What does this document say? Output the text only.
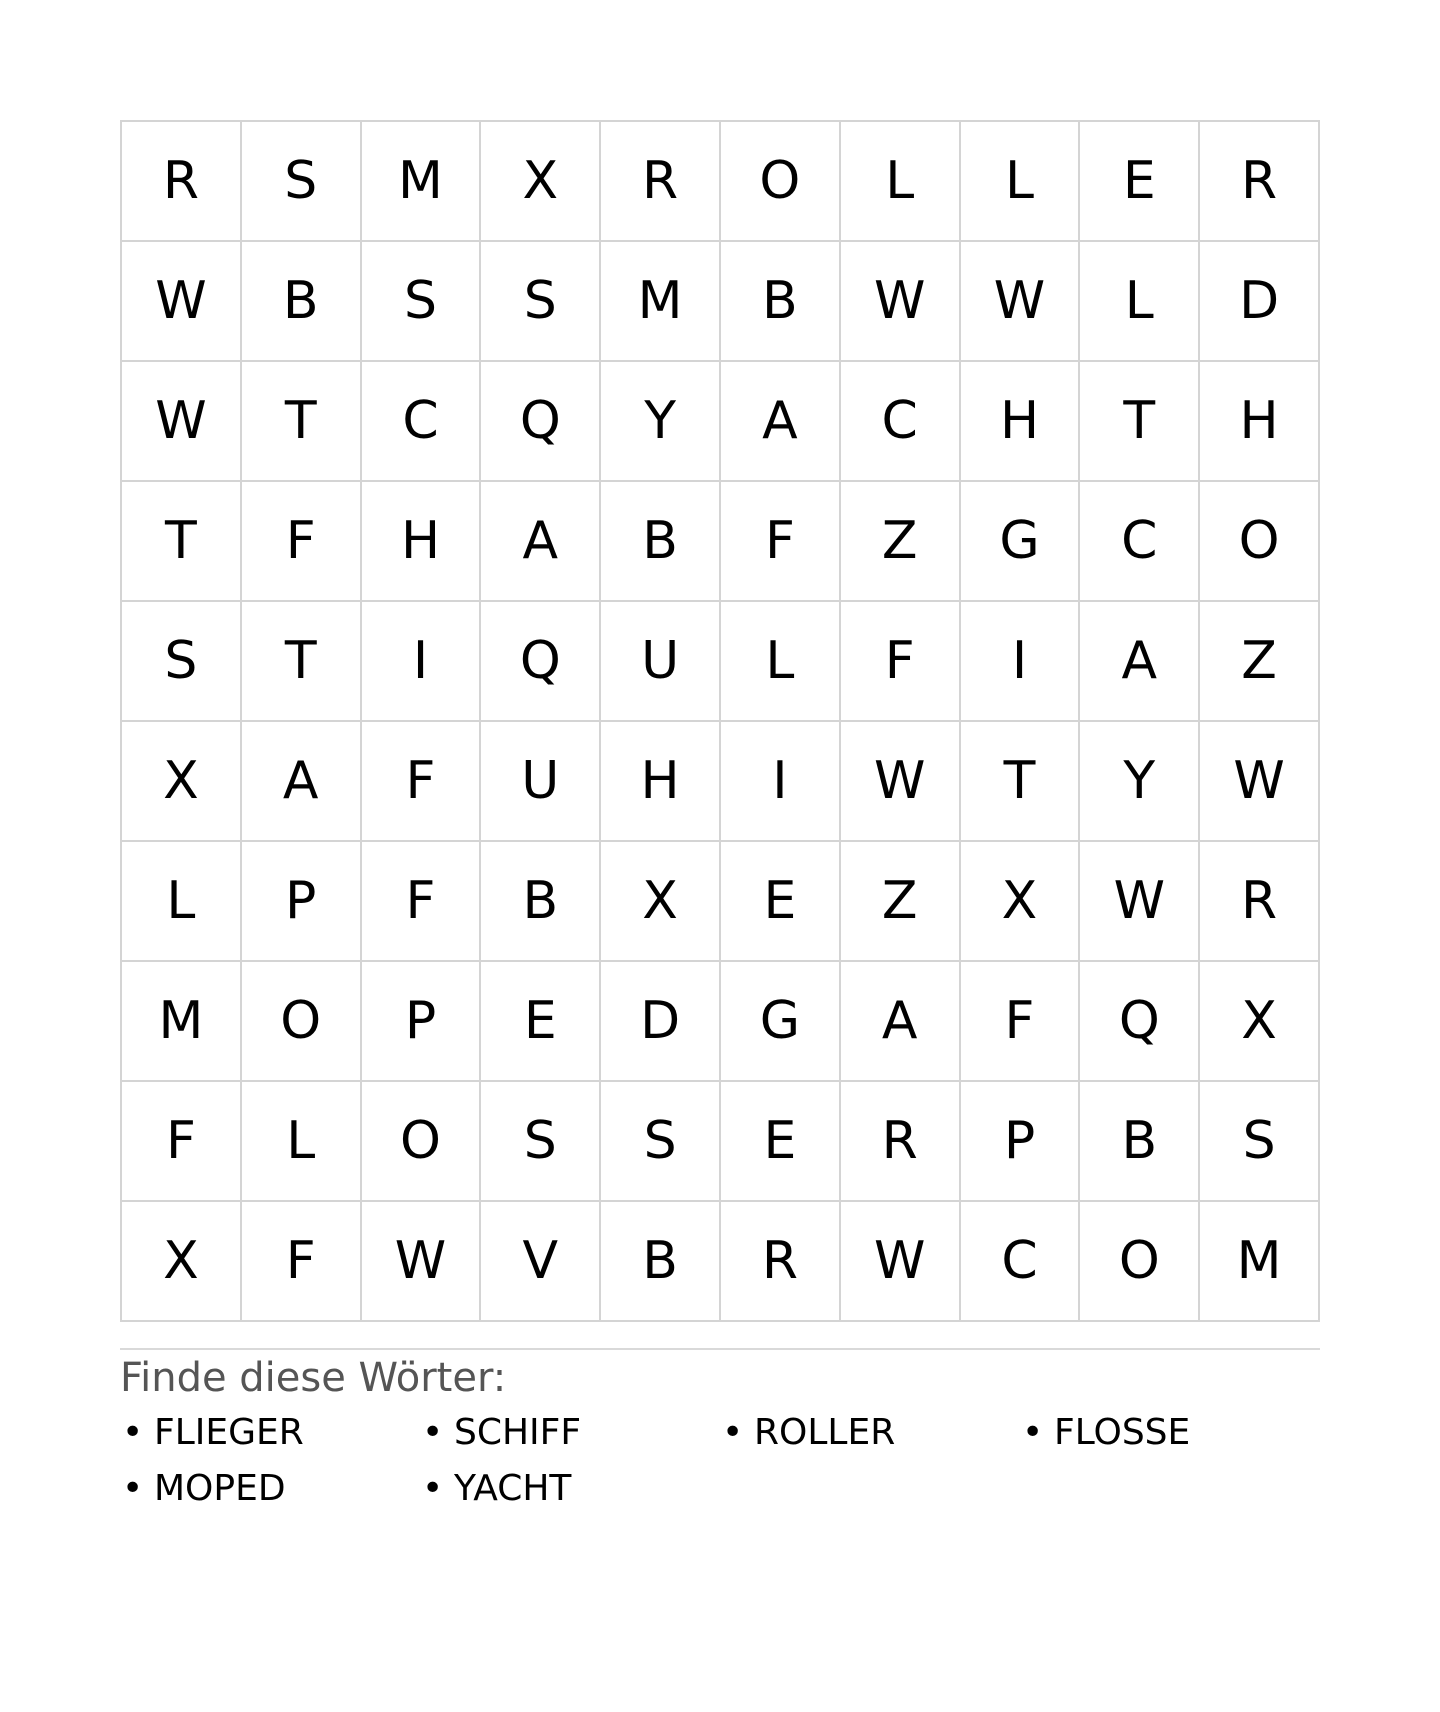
R	S	M	X	R	O	L	L	E	R
W	B	S	S	M	B	W	W	L	D
W	T	C	Q	Y	A	C	H	T	H
T	F	H	A	B	F	Z	G	C	O
S	T	I	Q	U	L	F	I	A	Z
X	A	F	U	H	I	W	T	Y	W
L	P	F	B	X	E	Z	X	W	R
M	O	P	E	D	G	A	F	Q	X
F	L	O	S	S	E	R	P	B	S
X	F	W	V	B	R	W	C	O	M
Finde diese Wörter:
• FLIEGER	• SCHIFF	• ROLLER	• FLOSSE
• MOPED	• YACHT
